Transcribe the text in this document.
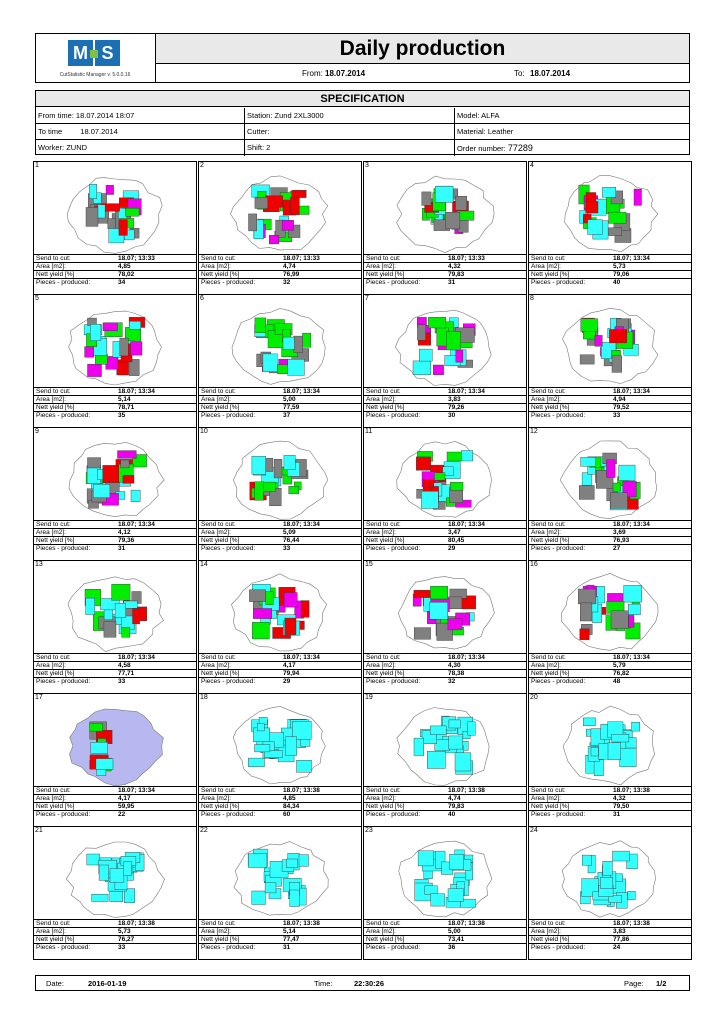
M S
CutStatistic Manager v. 5.0.0.16
Daily production
From: 18.07.2014	To: 18.07.2014
SPECIFICATION
From time: 18.07.2014 18:07	Station: Zund 2XL3000	Model: ALFA
To time 18.07.2014	Cutter:	Material: Leather
Worker: ZUND	Shift: 2	Order number: 77289
1
Send to cut:	18.07; 13:33
Area [m2]:	4,85
Nett yield [%]	78,02
Pieces - produced:	34
2
Send to cut:	18.07; 13:33
Area [m2]:	4,74
Nett yield [%]	76,99
Pieces - produced:	32
3
Send to cut:	18.07; 13:33
Area [m2]:	4,32
Nett yield [%]	79,83
Pieces - produced:	31
4
Send to cut:	18.07; 13:34
Area [m2]:	5,73
Nett yield [%]	79,06
Pieces - produced:	40
5
Send to cut:	18.07; 13:34
Area [m2]:	5,14
Nett yield [%]	78,71
Pieces - produced:	35
6
Send to cut:	18.07; 13:34
Area [m2]:	5,00
Nett yield [%]	77,59
Pieces - produced:	37
7
Send to cut:	18.07; 13:34
Area [m2]:	3,83
Nett yield [%]	79,26
Pieces - produced:	30
8
Send to cut:	18.07; 13:34
Area [m2]:	4,94
Nett yield [%]	79,52
Pieces - produced:	33
9
Send to cut:	18.07; 13:34
Area [m2]:	4,12
Nett yield [%]	79,36
Pieces - produced:	31
10
Send to cut:	18.07; 13:34
Area [m2]:	5,09
Nett yield [%]	76,44
Pieces - produced:	33
11
Send to cut:	18.07; 13:34
Area [m2]:	3,47
Nett yield [%]	80,45
Pieces - produced:	29
12
Send to cut:	18.07; 13:34
Area [m2]:	3,69
Nett yield [%]	76,93
Pieces - produced:	27
13
Send to cut:	18.07; 13:34
Area [m2]:	4,58
Nett yield [%]	77,71
Pieces - produced:	33
14
Send to cut:	18.07; 13:34
Area [m2]:	4,17
Nett yield [%]	79,94
Pieces - produced:	29
15
Send to cut:	18.07; 13:34
Area [m2]:	4,30
Nett yield [%]	78,38
Pieces - produced:	32
16
Send to cut:	18.07; 13:34
Area [m2]:	5,79
Nett yield [%]	76,82
Pieces - produced:	48
17
Send to cut:	18.07; 13:34
Area [m2]:	4,17
Nett yield [%]	59,95
Pieces - produced:	22
18
Send to cut:	18.07; 13:38
Area [m2]:	4,85
Nett yield [%]	84,34
Pieces - produced:	60
19
Send to cut:	18.07; 13:38
Area [m2]:	4,74
Nett yield [%]	79,83
Pieces - produced:	40
20
Send to cut:	18.07; 13:38
Area [m2]:	4,32
Nett yield [%]	79,50
Pieces - produced:	31
21
Send to cut:	18.07; 13:38
Area [m2]:	5,73
Nett yield [%]	76,27
Pieces - produced:	33
22
Send to cut:	18.07; 13:38
Area [m2]:	5,14
Nett yield [%]	77,47
Pieces - produced:	31
23
Send to cut:	18.07; 13:38
Area [m2]:	5,00
Nett yield [%]	73,41
Pieces - produced:	36
24
Send to cut:	18.07; 13:38
Area [m2]:	3,83
Nett yield [%]	77,86
Pieces - produced:	24
Date:	2016-01-19	Time:	22:30:26	Page: 1/2
